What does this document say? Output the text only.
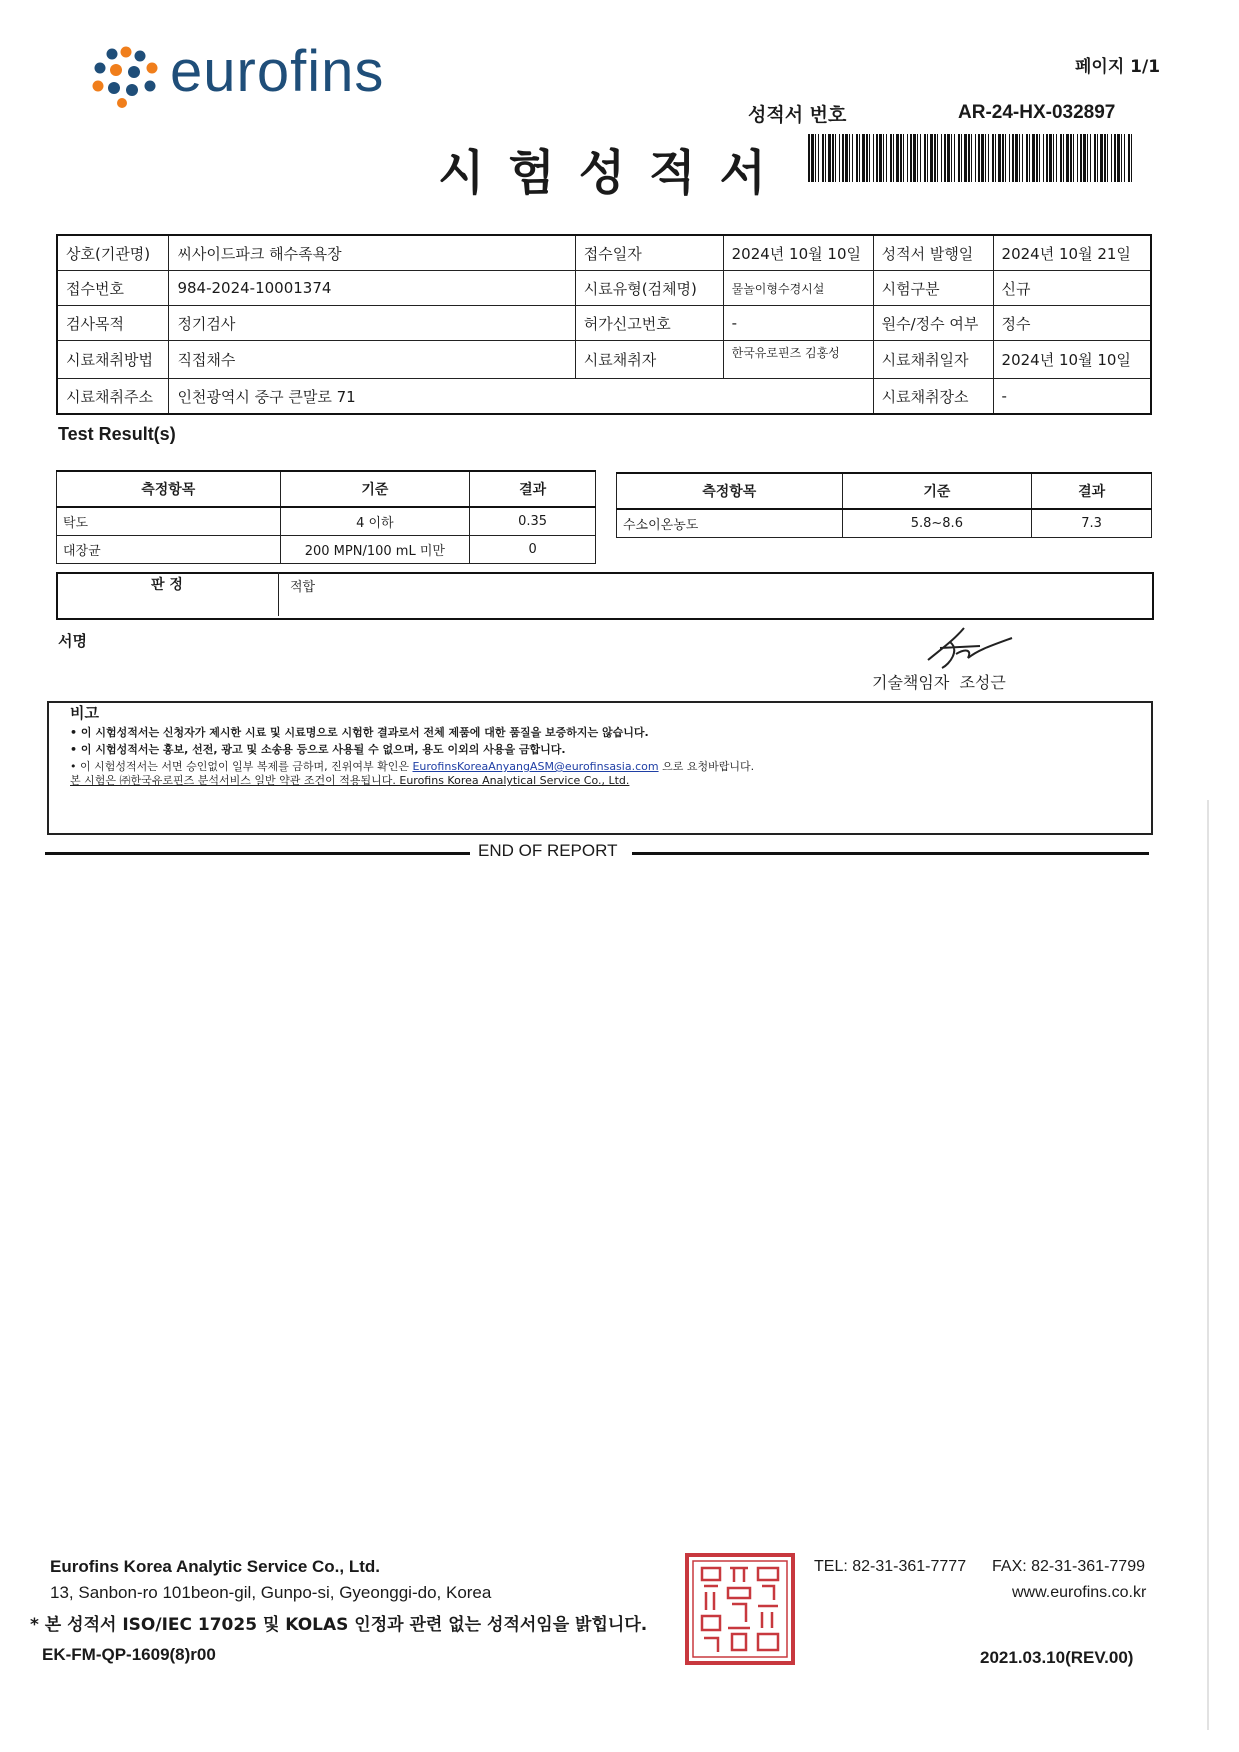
eurofins	페이지 1/1
성적서 번호	AR-24-HX-032897
시험성적서
상호(기관명)	씨사이드파크 해수족욕장	접수일자	2024년 10월 10일	성적서 발행일	2024년 10월 21일
접수번호	984-2024-10001374	시료유형(검체명)	물놀이형수경시설	시험구분	신규
검사목적	정기검사	허가신고번호	-	원수/정수 여부	정수
시료채취방법	직접채수	시료채취자	한국유로핀즈 김홍성	시료채취일자	2024년 10월 10일
시료채취주소	인천광역시 중구 큰말로 71			시료채취장소	-
Test Result(s)
측정항목	기준	결과
탁도	4 이하	0.35
대장균	200 MPN/100 mL 미만	0
측정항목	기준	결과
수소이온농도	5.8~8.6	7.3
판 정	적합
서명
기술책임자 조성근
비고
• 이 시험성적서는 신청자가 제시한 시료 및 시료명으로 시험한 결과로서 전체 제품에 대한 품질을 보증하지는 않습니다.
• 이 시험성적서는 홍보, 선전, 광고 및 소송용 등으로 사용될 수 없으며, 용도 이외의 사용을 금합니다.
• 이 시험성적서는 서면 승인없이 일부 복제를 금하며, 진위여부 확인은 EurofinsKoreaAnyangASM@eurofinsasia.com 으로 요청바랍니다.
본 시험은 ㈜한국유로핀즈 분석서비스 일반 약관 조건이 적용됩니다. Eurofins Korea Analytical Service Co., Ltd.
END OF REPORT
Eurofins Korea Analytic Service Co., Ltd.
13, Sanbon-ro 101beon-gil, Gunpo-si, Gyeonggi-do, Korea
* 본 성적서 ISO/IEC 17025 및 KOLAS 인정과 관련 없는 성적서임을 밝힙니다.
EK-FM-QP-1609(8)r00
TEL: 82-31-361-7777 FAX: 82-31-361-7799
www.eurofins.co.kr
2021.03.10(REV.00)
